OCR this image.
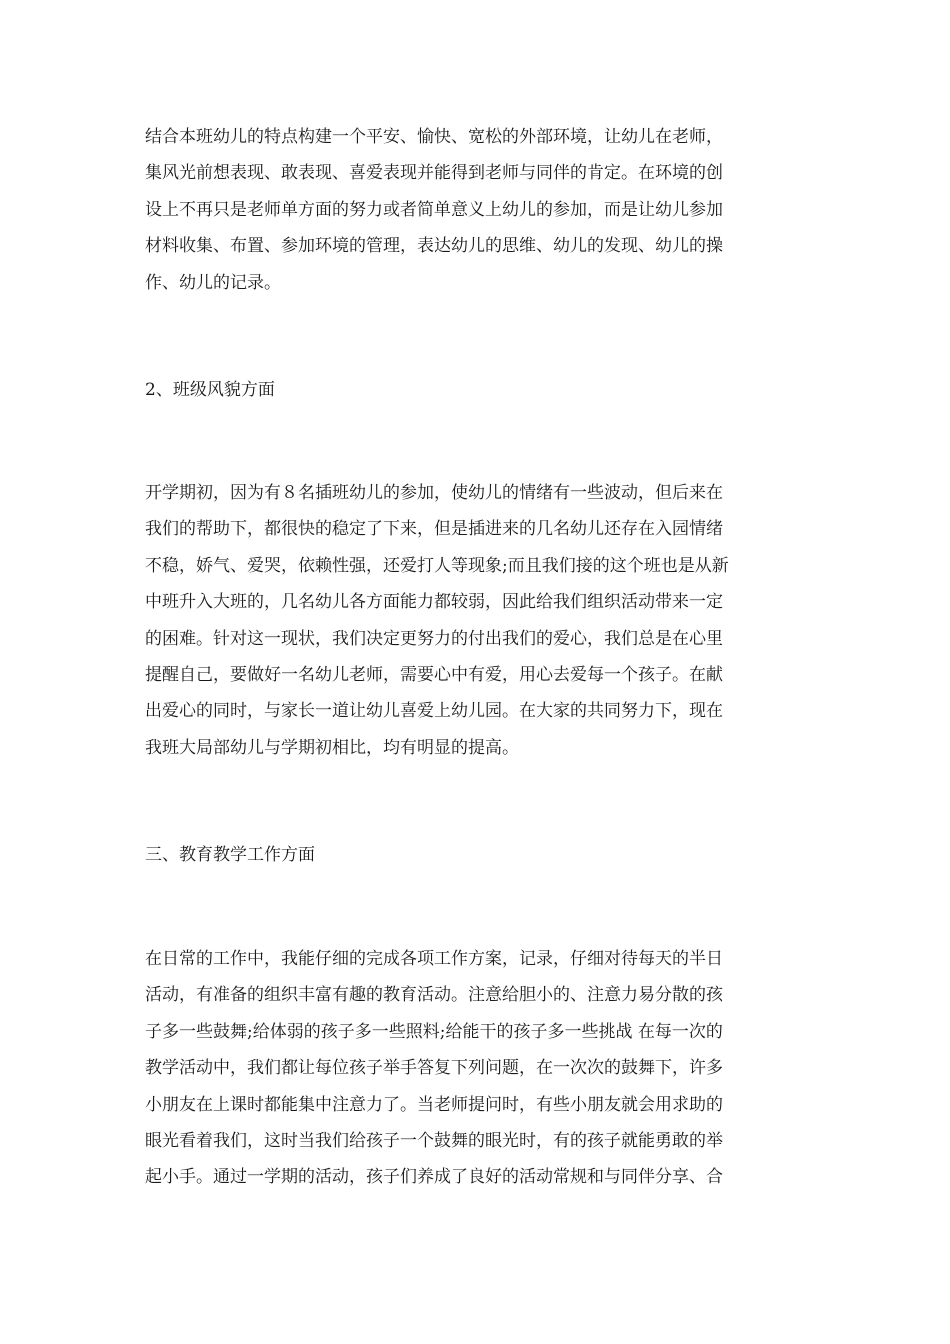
结合本班幼儿的特点构建一个平安、愉快、宽松的外部环境，让幼儿在老师，
集风光前想表现、敢表现、喜爱表现并能得到老师与同伴的肯定。在环境的创
设上不再只是老师单方面的努力或者简单意义上幼儿的参加，而是让幼儿参加
材料收集、布置、参加环境的管理，表达幼儿的思维、幼儿的发现、幼儿的操
作、幼儿的记录。

2、班级风貌方面

开学期初，因为有８名插班幼儿的参加，使幼儿的情绪有一些波动，但后来在
我们的帮助下，都很快的稳定了下来，但是插进来的几名幼儿还存在入园情绪
不稳，娇气、爱哭，依赖性强，还爱打人等现象;而且我们接的这个班也是从新
中班升入大班的，几名幼儿各方面能力都较弱，因此给我们组织活动带来一定
的困难。针对这一现状，我们决定更努力的付出我们的爱心，我们总是在心里
提醒自己，要做好一名幼儿老师，需要心中有爱，用心去爱每一个孩子。在献
出爱心的同时，与家长一道让幼儿喜爱上幼儿园。在大家的共同努力下，现在
我班大局部幼儿与学期初相比，均有明显的提高。

三、教育教学工作方面

在日常的工作中，我能仔细的完成各项工作方案，记录，仔细对待每天的半日
活动，有准备的组织丰富有趣的教育活动。注意给胆小的、注意力易分散的孩
子多一些鼓舞;给体弱的孩子多一些照料;给能干的孩子多一些挑战 在每一次的
教学活动中，我们都让每位孩子举手答复下列问题，在一次次的鼓舞下，许多
小朋友在上课时都能集中注意力了。当老师提问时，有些小朋友就会用求助的
眼光看着我们，这时当我们给孩子一个鼓舞的眼光时，有的孩子就能勇敢的举
起小手。通过一学期的活动，孩子们养成了良好的活动常规和与同伴分享、合
